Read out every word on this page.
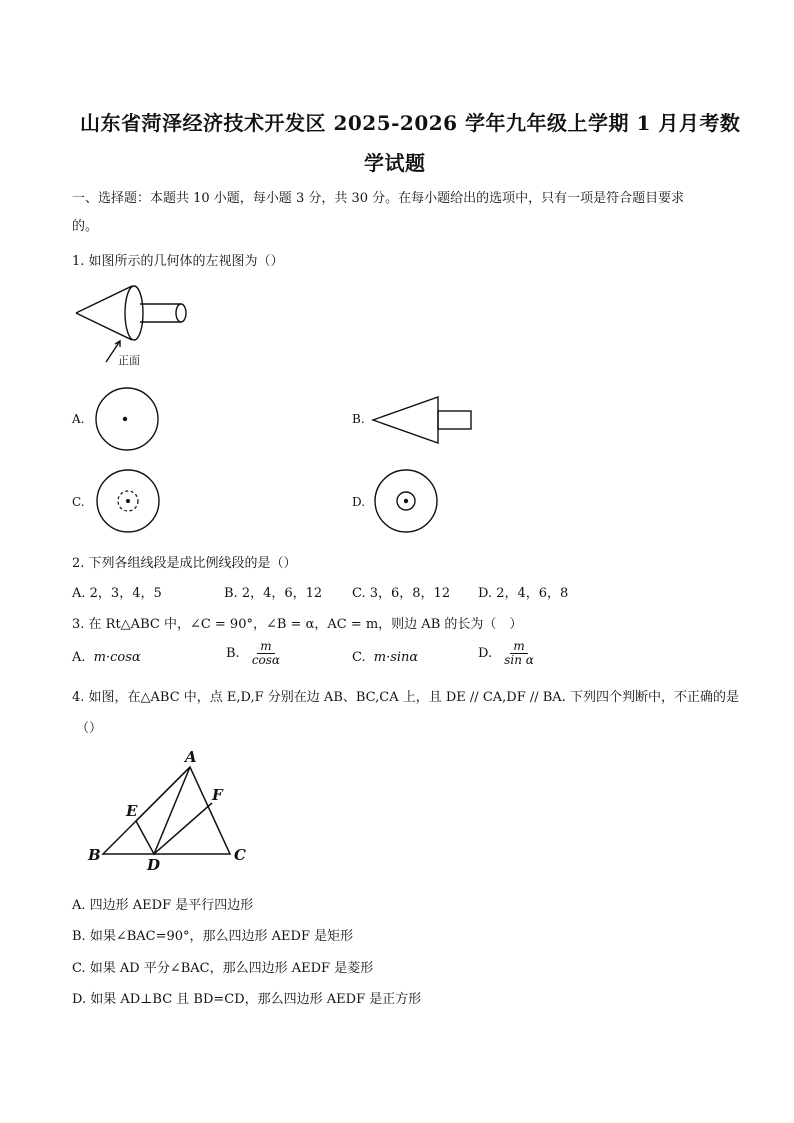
山东省菏泽经济技术开发区 2025-2026 学年九年级上学期 1 月月考数
学试题
一、选择题：本题共 10 小题，每小题 3 分，共 30 分。在每小题给出的选项中，只有一项是符合题目要求
的。
1. 如图所示的几何体的左视图为（）
正面
A.	B.
C.	D.
2. 下列各组线段是成比例线段的是（）
A. 2，3，4，5	B. 2，4，6，12 C. 3，6，8，12 D. 2，4，6，8
3. 在 Rt△ABC 中，∠C = 90°，∠B = α，AC = m，则边 AB 的长为（　）
A. m·cosα	B. $\frac{m}{\cos\alpha}$	C. m·sinα	D. $\frac{m}{\text{sin α}}$
4. 如图，在△ABC 中，点 E,D,F 分别在边 AB、BC,CA 上，且 DE // CA,DF // BA. 下列四个判断中，不正确的是
（）
A
B	C
D
E
F
A. 四边形 AEDF 是平行四边形
B. 如果∠BAC=90°，那么四边形 AEDF 是矩形
C. 如果 AD 平分∠BAC，那么四边形 AEDF 是菱形
D. 如果 AD⊥BC 且 BD=CD，那么四边形 AEDF 是正方形
